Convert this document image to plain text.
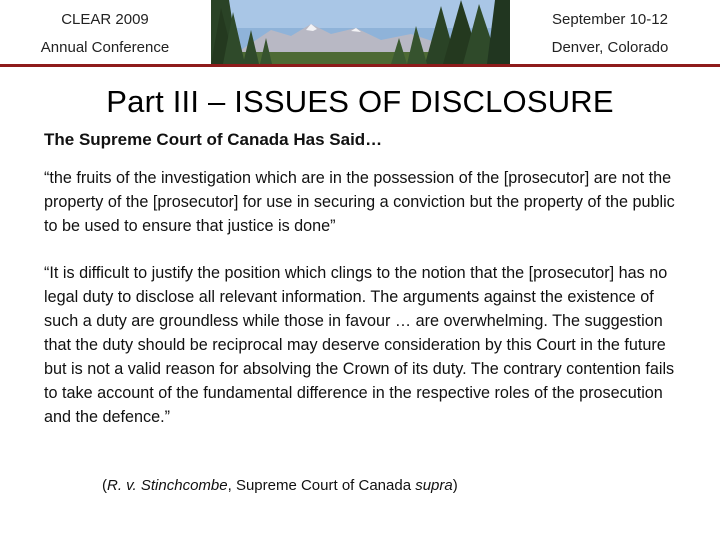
CLEAR 2009
Annual Conference
September 10-12
Denver, Colorado
Part III – ISSUES OF DISCLOSURE
The Supreme Court of Canada Has Said…
“the fruits of the investigation which are in the possession of the [prosecutor] are not the property of the [prosecutor] for use in securing a conviction but the property of the public to be used to ensure that justice is done”
“It is difficult to justify the position which clings to the notion that the [prosecutor] has no legal duty to disclose all relevant information. The arguments against the existence of such a duty are groundless while those in favour … are overwhelming. The suggestion that the duty should be reciprocal may deserve consideration by this Court in the future but is not a valid reason for absolving the Crown of its duty. The contrary contention fails to take account of the fundamental difference in the respective roles of the prosecution and the defence.”
(R. v. Stinchcombe, Supreme Court of Canada supra)
